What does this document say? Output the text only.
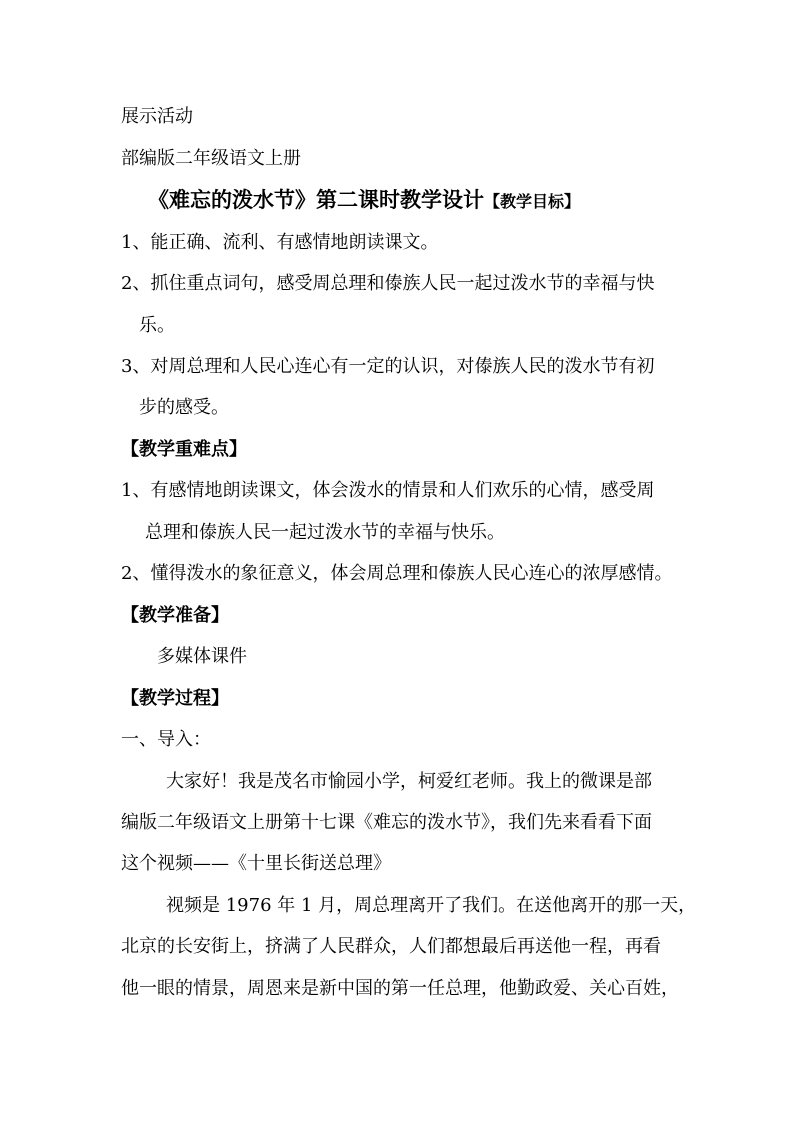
展示活动
部编版二年级语文上册
《难忘的泼水节》第二课时教学设计【教学目标】
1、能正确、流利、有感情地朗读课文。
2、抓住重点词句，感受周总理和傣族人民一起过泼水节的幸福与快
乐。
3、对周总理和人民心连心有一定的认识，对傣族人民的泼水节有初
步的感受。
【教学重难点】
1、有感情地朗读课文，体会泼水的情景和人们欢乐的心情，感受周
总理和傣族人民一起过泼水节的幸福与快乐。
2、懂得泼水的象征意义，体会周总理和傣族人民心连心的浓厚感情。
【教学准备】
多媒体课件
【教学过程】
一、导入：
大家好！我是茂名市愉园小学，柯爱红老师。我上的微课是部
编版二年级语文上册第十七课《难忘的泼水节》，我们先来看看下面
这个视频——《十里长街送总理》
视频是 1976 年 1 月，周总理离开了我们。在送他离开的那一天，
北京的长安街上，挤满了人民群众，人们都想最后再送他一程，再看
他一眼的情景，周恩来是新中国的第一任总理，他勤政爱、关心百姓，
